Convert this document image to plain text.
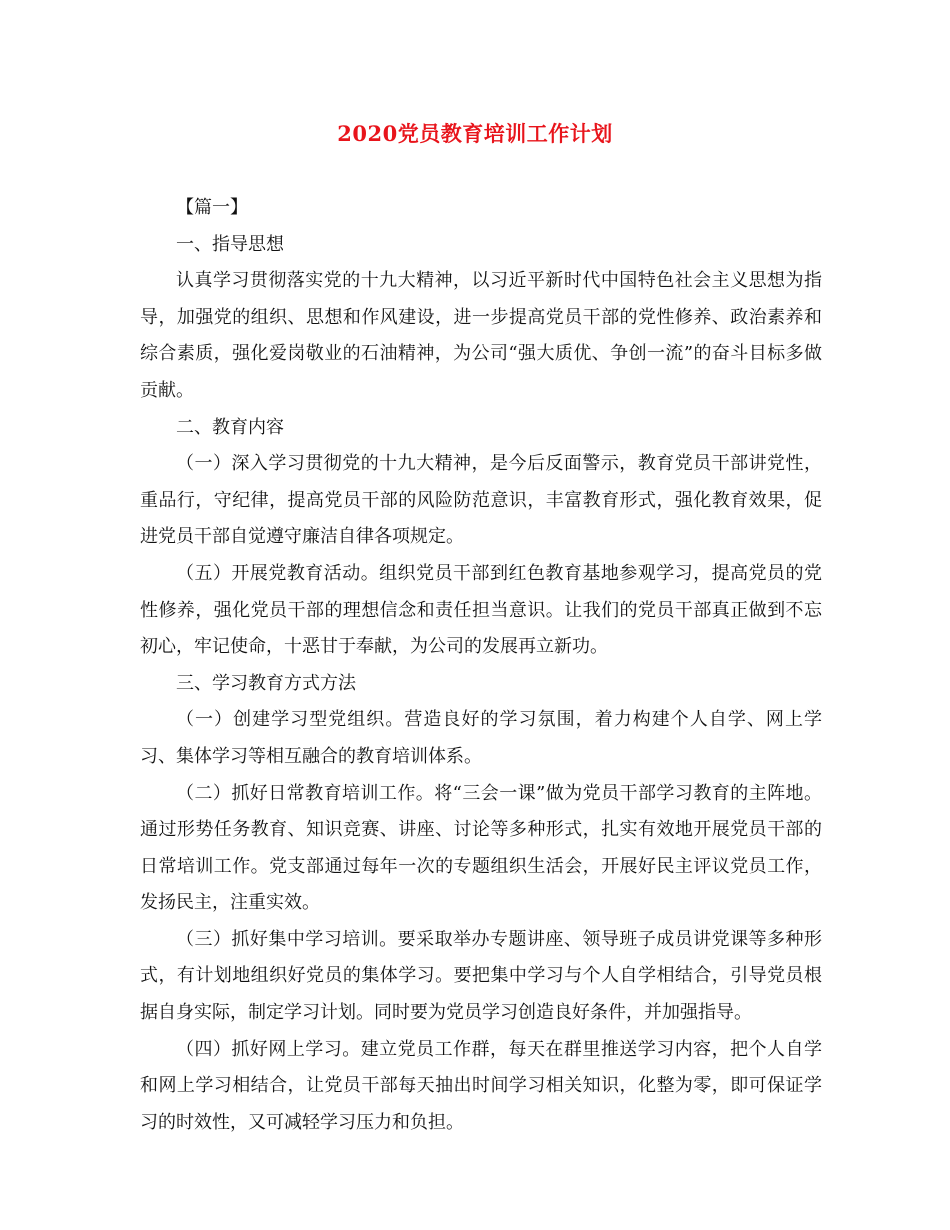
2020党员教育培训工作计划

【篇一】

一、指导思想

认真学习贯彻落实党的十九大精神，以习近平新时代中国特色社会主义思想为指导，加强党的组织、思想和作风建设，进一步提高党员干部的党性修养、政治素养和综合素质，强化爱岗敬业的石油精神，为公司“强大质优、争创一流”的奋斗目标多做贡献。

二、教育内容

（一）深入学习贯彻党的十九大精神，是今后反面警示，教育党员干部讲党性，重品行，守纪律，提高党员干部的风险防范意识，丰富教育形式，强化教育效果，促进党员干部自觉遵守廉洁自律各项规定。

（五）开展党教育活动。组织党员干部到红色教育基地参观学习，提高党员的党性修养，强化党员干部的理想信念和责任担当意识。让我们的党员干部真正做到不忘初心，牢记使命，十恶甘于奉献，为公司的发展再立新功。

三、学习教育方式方法

（一）创建学习型党组织。营造良好的学习氛围，着力构建个人自学、网上学习、集体学习等相互融合的教育培训体系。

（二）抓好日常教育培训工作。将“三会一课”做为党员干部学习教育的主阵地。通过形势任务教育、知识竞赛、讲座、讨论等多种形式，扎实有效地开展党员干部的日常培训工作。党支部通过每年一次的专题组织生活会，开展好民主评议党员工作，发扬民主，注重实效。

（三）抓好集中学习培训。要采取举办专题讲座、领导班子成员讲党课等多种形式，有计划地组织好党员的集体学习。要把集中学习与个人自学相结合，引导党员根据自身实际，制定学习计划。同时要为党员学习创造良好条件，并加强指导。

（四）抓好网上学习。建立党员工作群，每天在群里推送学习内容，把个人自学和网上学习相结合，让党员干部每天抽出时间学习相关知识，化整为零，即可保证学习的时效性，又可减轻学习压力和负担。
